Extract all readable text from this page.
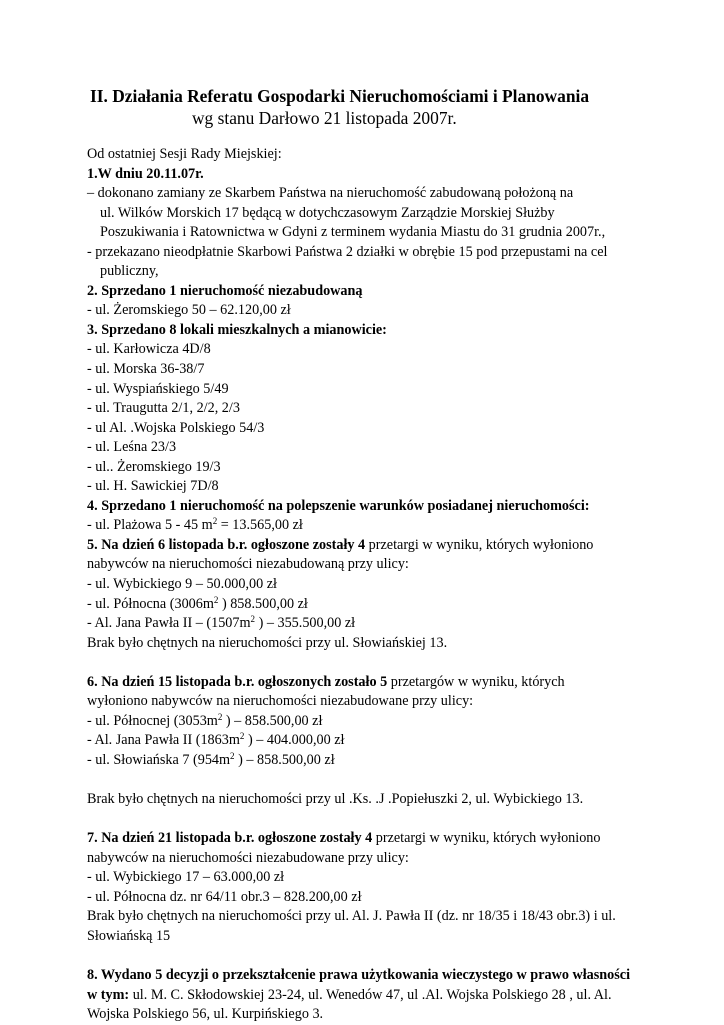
II. Działania Referatu Gospodarki Nieruchomościami i Planowania
wg stanu Darłowo 21 listopada 2007r.
Od ostatniej Sesji Rady Miejskiej:
1.W dniu 20.11.07r.
– dokonano zamiany ze Skarbem Państwa na nieruchomość zabudowaną położoną na
ul. Wilków Morskich 17 będącą w dotychczasowym Zarządzie Morskiej Służby
Poszukiwania i Ratownictwa w Gdyni z terminem wydania Miastu do 31 grudnia 2007r.,
- przekazano nieodpłatnie Skarbowi Państwa 2 działki w obrębie 15 pod przepustami na cel
publiczny,
2. Sprzedano 1 nieruchomość niezabudowaną
- ul. Żeromskiego 50 – 62.120,00 zł
3. Sprzedano 8 lokali mieszkalnych a mianowicie:
- ul. Karłowicza 4D/8
- ul. Morska 36-38/7
- ul. Wyspiańskiego 5/49
- ul. Traugutta 2/1, 2/2, 2/3
- ul Al. .Wojska Polskiego 54/3
- ul. Leśna 23/3
- ul.. Żeromskiego 19/3
- ul. H. Sawickiej 7D/8
4. Sprzedano 1 nieruchomość na polepszenie warunków posiadanej nieruchomości:
- ul. Plażowa 5 - 45 $m^2 = 13.565,00$ zł
5. Na dzień 6 listopada b.r. ogłoszone zostały 4 przetargi w wyniku, których wyłoniono
nabywców na nieruchomości niezabudowaną przy ulicy:
- ul. Wybickiego 9 – 50.000,00 zł
- ul. Północna ($3006m^2$ ) 858.500,00 zł
- Al. Jana Pawła II – ($1507m^2$ ) – 355.500,00 zł
Brak było chętnych na nieruchomości przy ul. Słowiańskiej 13.
6. Na dzień 15 listopada b.r. ogłoszonych zostało 5 przetargów w wyniku, których
wyłoniono nabywców na nieruchomości niezabudowane przy ulicy:
- ul. Północnej ($3053m^2$ ) – 858.500,00 zł
- Al. Jana Pawła II ($1863m^2$ ) – 404.000,00 zł
- ul. Słowiańska 7 ($954m^2$ ) – 858.500,00 zł
Brak było chętnych na nieruchomości przy ul .Ks. .J .Popiełuszki 2, ul. Wybickiego 13.
7. Na dzień 21 listopada b.r. ogłoszone zostały 4 przetargi w wyniku, których wyłoniono
nabywców na nieruchomości niezabudowane przy ulicy:
- ul. Wybickiego 17 – 63.000,00 zł
- ul. Północna dz. nr 64/11 obr.3 – 828.200,00 zł
Brak było chętnych na nieruchomości przy ul. Al. J. Pawła II (dz. nr 18/35 i 18/43 obr.3) i ul.
Słowiańską 15
8. Wydano 5 decyzji o przekształcenie prawa użytkowania wieczystego w prawo własności
w tym: ul. M. C. Skłodowskiej 23-24, ul. Wenedów 47, ul .Al. Wojska Polskiego 28 , ul. Al.
Wojska Polskiego 56, ul. Kurpińskiego 3.
